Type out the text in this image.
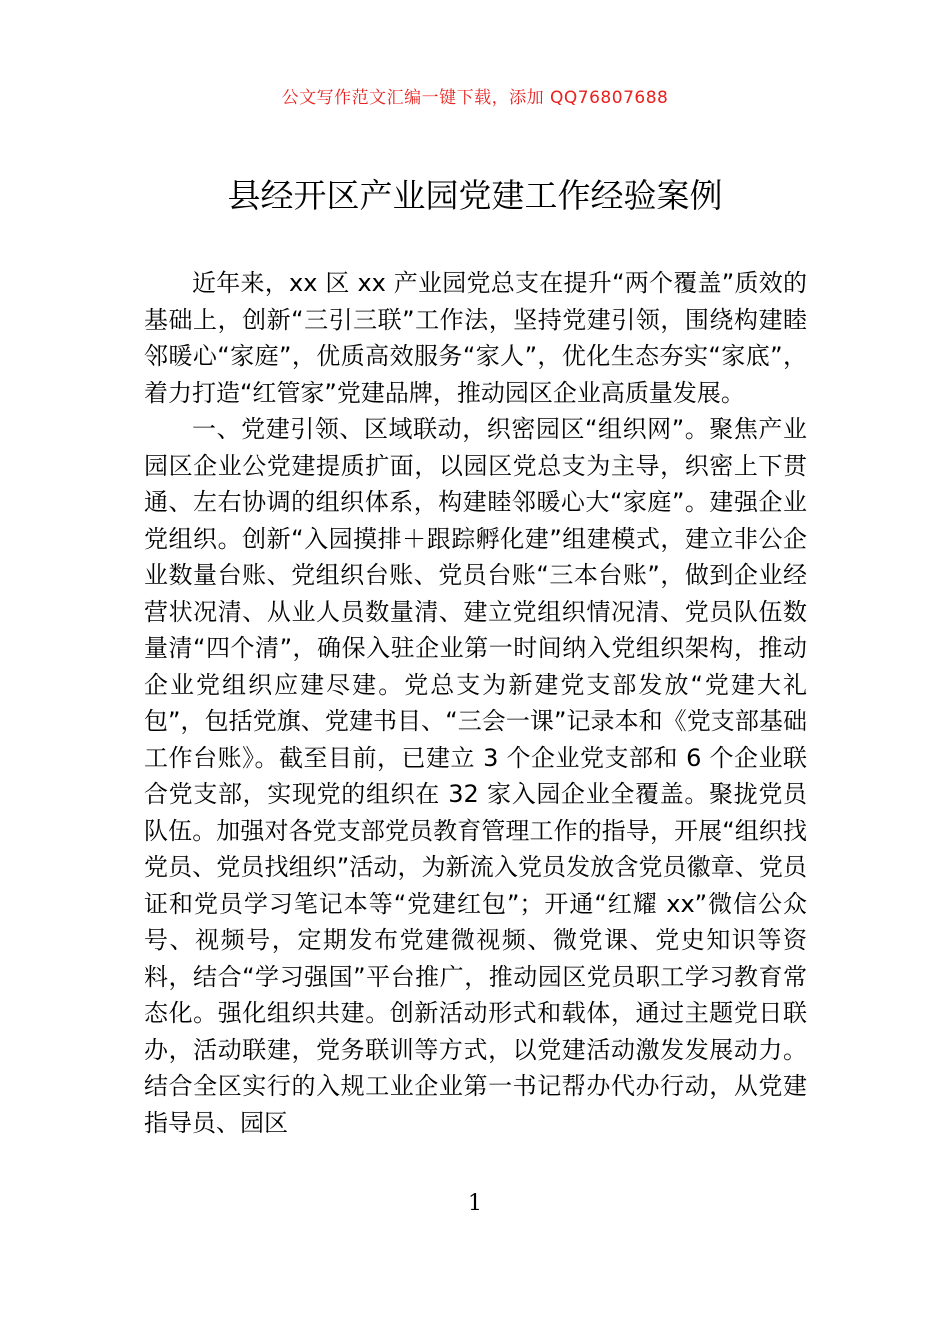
公文写作范文汇编一键下载，添加 QQ76807688
县经开区产业园党建工作经验案例

近年来，xx 区 xx 产业园党总支在提升“两个覆盖”质效的基础上，创新“三引三联”工作法，坚持党建引领，围绕构建睦邻暖心“家庭”，优质高效服务“家人”，优化生态夯实“家底”，着力打造“红管家”党建品牌，推动园区企业高质量发展。

一、党建引领、区域联动，织密园区“组织网”。聚焦产业园区企业公党建提质扩面，以园区党总支为主导，织密上下贯通、左右协调的组织体系，构建睦邻暖心大“家庭”。建强企业党组织。创新“入园摸排＋跟踪孵化建”组建模式，建立非公企业数量台账、党组织台账、党员台账“三本台账”，做到企业经营状况清、从业人员数量清、建立党组织情况清、党员队伍数量清“四个清”，确保入驻企业第一时间纳入党组织架构，推动企业党组织应建尽建。党总支为新建党支部发放“党建大礼包”，包括党旗、党建书目、“三会一课”记录本和《党支部基础工作台账》。截至目前，已建立 3 个企业党支部和 6 个企业联合党支部，实现党的组织在 32 家入园企业全覆盖。聚拢党员队伍。加强对各党支部党员教育管理工作的指导，开展“组织找党员、党员找组织”活动，为新流入党员发放含党员徽章、党员证和党员学习笔记本等“党建红包”；开通“红耀 xx”微信公众号、视频号，定期发布党建微视频、微党课、党史知识等资料，结合“学习强国”平台推广，推动园区党员职工学习教育常态化。强化组织共建。创新活动形式和载体，通过主题党日联办，活动联建，党务联训等方式，以党建活动激发发展动力。结合全区实行的入规工业企业第一书记帮办代办行动，从党建指导员、园区

1
